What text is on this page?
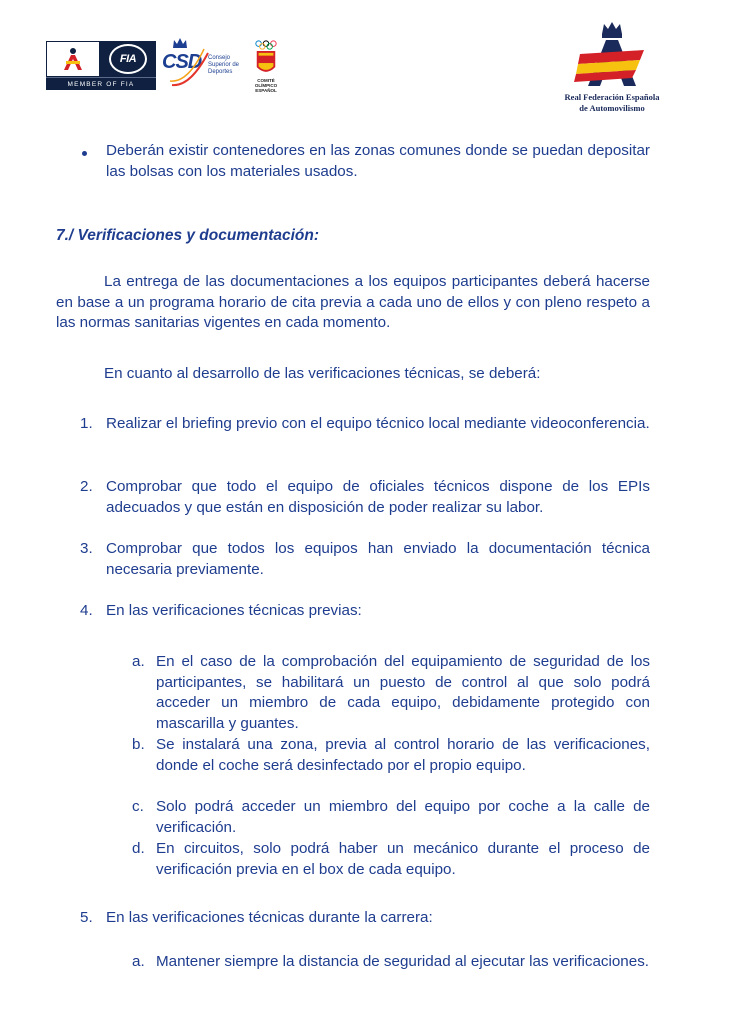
FIA
MEMBER OF FIA
CSD Consejo
Superior de
Deportes
COMITÉ OLÍMPICO ESPAÑOL
Real Federación Española
de Automovilismo

Deberán existir contenedores en las zonas comunes donde se puedan depositar las bolsas con los materiales usados.

7./ Verificaciones y documentación:

La entrega de las documentaciones a los equipos participantes deberá hacerse en base a un programa horario de cita previa a cada uno de ellos y con pleno respeto a las normas sanitarias vigentes en cada momento.

En cuanto al desarrollo de las verificaciones técnicas, se deberá:

1. Realizar el briefing previo con el equipo técnico local mediante videoconferencia.

2. Comprobar que todo el equipo de oficiales técnicos dispone de los EPIs adecuados y que están en disposición de poder realizar su labor.

3. Comprobar que todos los equipos han enviado la documentación técnica necesaria previamente.

4. En las verificaciones técnicas previas:

a. En el caso de la comprobación del equipamiento de seguridad de los participantes, se habilitará un puesto de control al que solo podrá acceder un miembro de cada equipo, debidamente protegido con mascarilla y guantes.

b. Se instalará una zona, previa al control horario de las verificaciones, donde el coche será desinfectado por el propio equipo.

c. Solo podrá acceder un miembro del equipo por coche a la calle de verificación.

d. En circuitos, solo podrá haber un mecánico durante el proceso de verificación previa en el box de cada equipo.

5. En las verificaciones técnicas durante la carrera:

a. Mantener siempre la distancia de seguridad al ejecutar las verificaciones.
